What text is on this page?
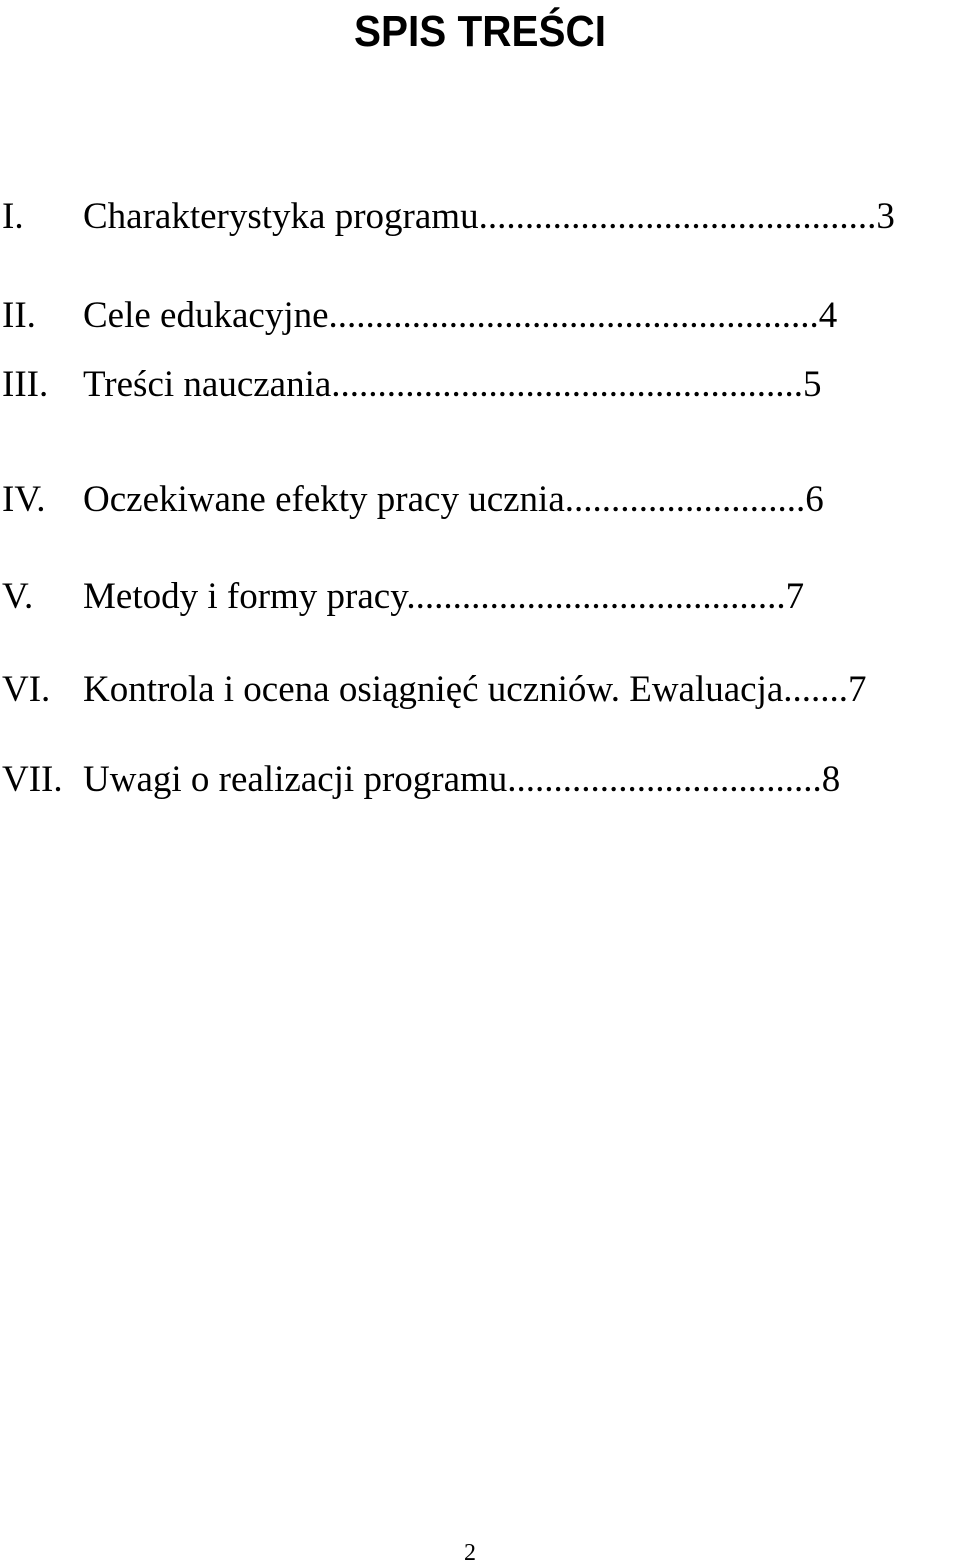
SPIS TREŚCI
I. Charakterystyka programu...........................................3
II. Cele edukacyjne.....................................................4
III. Treści nauczania...................................................5
IV. Oczekiwane efekty pracy ucznia..........................6
V. Metody i formy pracy.........................................7
VI. Kontrola i ocena osiągnięć uczniów. Ewaluacja.......7
VII. Uwagi o realizacji programu..................................8
2
